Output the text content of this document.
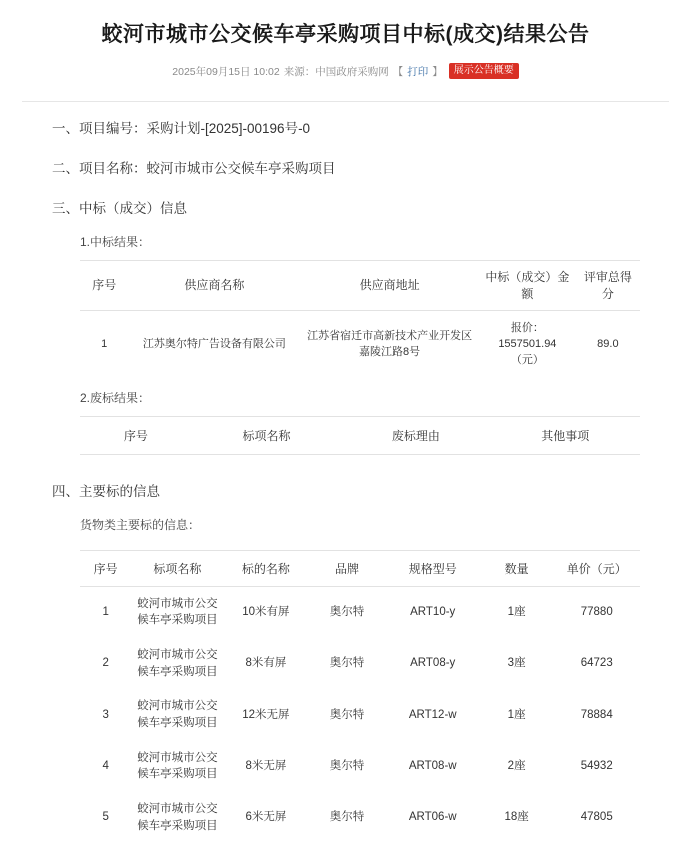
蛟河市城市公交候车亭采购项目中标(成交)结果公告
2025年09月15日 10:02 来源：中国政府采购网 【 打印 】	展示公告概要

一、项目编号：采购计划-[2025]-00196号-0

二、项目名称：蛟河市城市公交候车亭采购项目

三、中标（成交）信息

1.中标结果：

序号	供应商名称	供应商地址	中标（成交）金额	评审总得分
1	江苏奥尔特广告设备有限公司	江苏省宿迁市高新技术产业开发区嘉陵江路8号	报价：1557501.94（元）	89.0

2.废标结果：

序号	标项名称	废标理由	其他事项

四、主要标的信息

货物类主要标的信息：

序号	标项名称	标的名称	品牌	规格型号	数量	单价（元）
1	蛟河市城市公交候车亭采购项目	10米有屏	奥尔特	ART10-y	1座	77880
2	蛟河市城市公交候车亭采购项目	8米有屏	奥尔特	ART08-y	3座	64723
3	蛟河市城市公交候车亭采购项目	12米无屏	奥尔特	ART12-w	1座	78884
4	蛟河市城市公交候车亭采购项目	8米无屏	奥尔特	ART08-w	2座	54932
5	蛟河市城市公交候车亭采购项目	6米无屏	奥尔特	ART06-w	18座	47805
